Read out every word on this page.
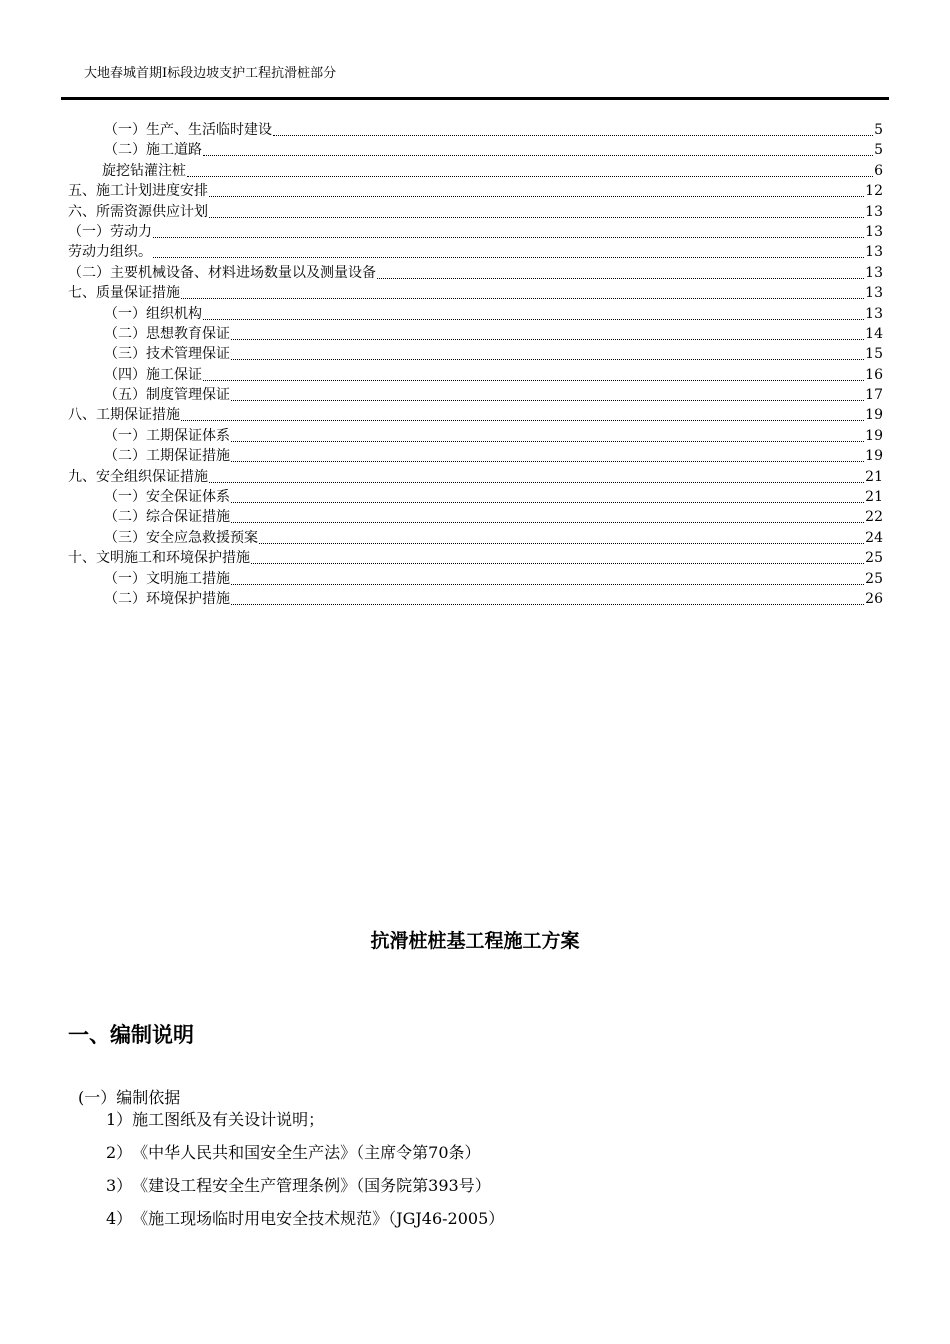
大地春城首期I标段边坡支护工程抗滑桩部分
（一）生产、生活临时建设	5
（二）施工道路	5
旋挖钻灌注桩	6
五、施工计划进度安排	12
六、所需资源供应计划	13
（一）劳动力	13
劳动力组织。	13
（二）主要机械设备、材料进场数量以及测量设备	13
七、质量保证措施	13
（一）组织机构	13
（二）思想教育保证	14
（三）技术管理保证	15
（四）施工保证	16
（五）制度管理保证	17
八、工期保证措施	19
（一）工期保证体系	19
（二）工期保证措施	19
九、安全组织保证措施	21
（一）安全保证体系	21
（二）综合保证措施	22
（三）安全应急救援预案	24
十、文明施工和环境保护措施	25
（一）文明施工措施	25
（二）环境保护措施	26
抗滑桩桩基工程施工方案
一、编制说明
(一）编制依据
1）施工图纸及有关设计说明；
2）　《中华人民共和国安全生产法》（主席令第70条）
3）　《建设工程安全生产管理条例》（国务院第393号）
4）　《施工现场临时用电安全技术规范》（JGJ46-2005）
